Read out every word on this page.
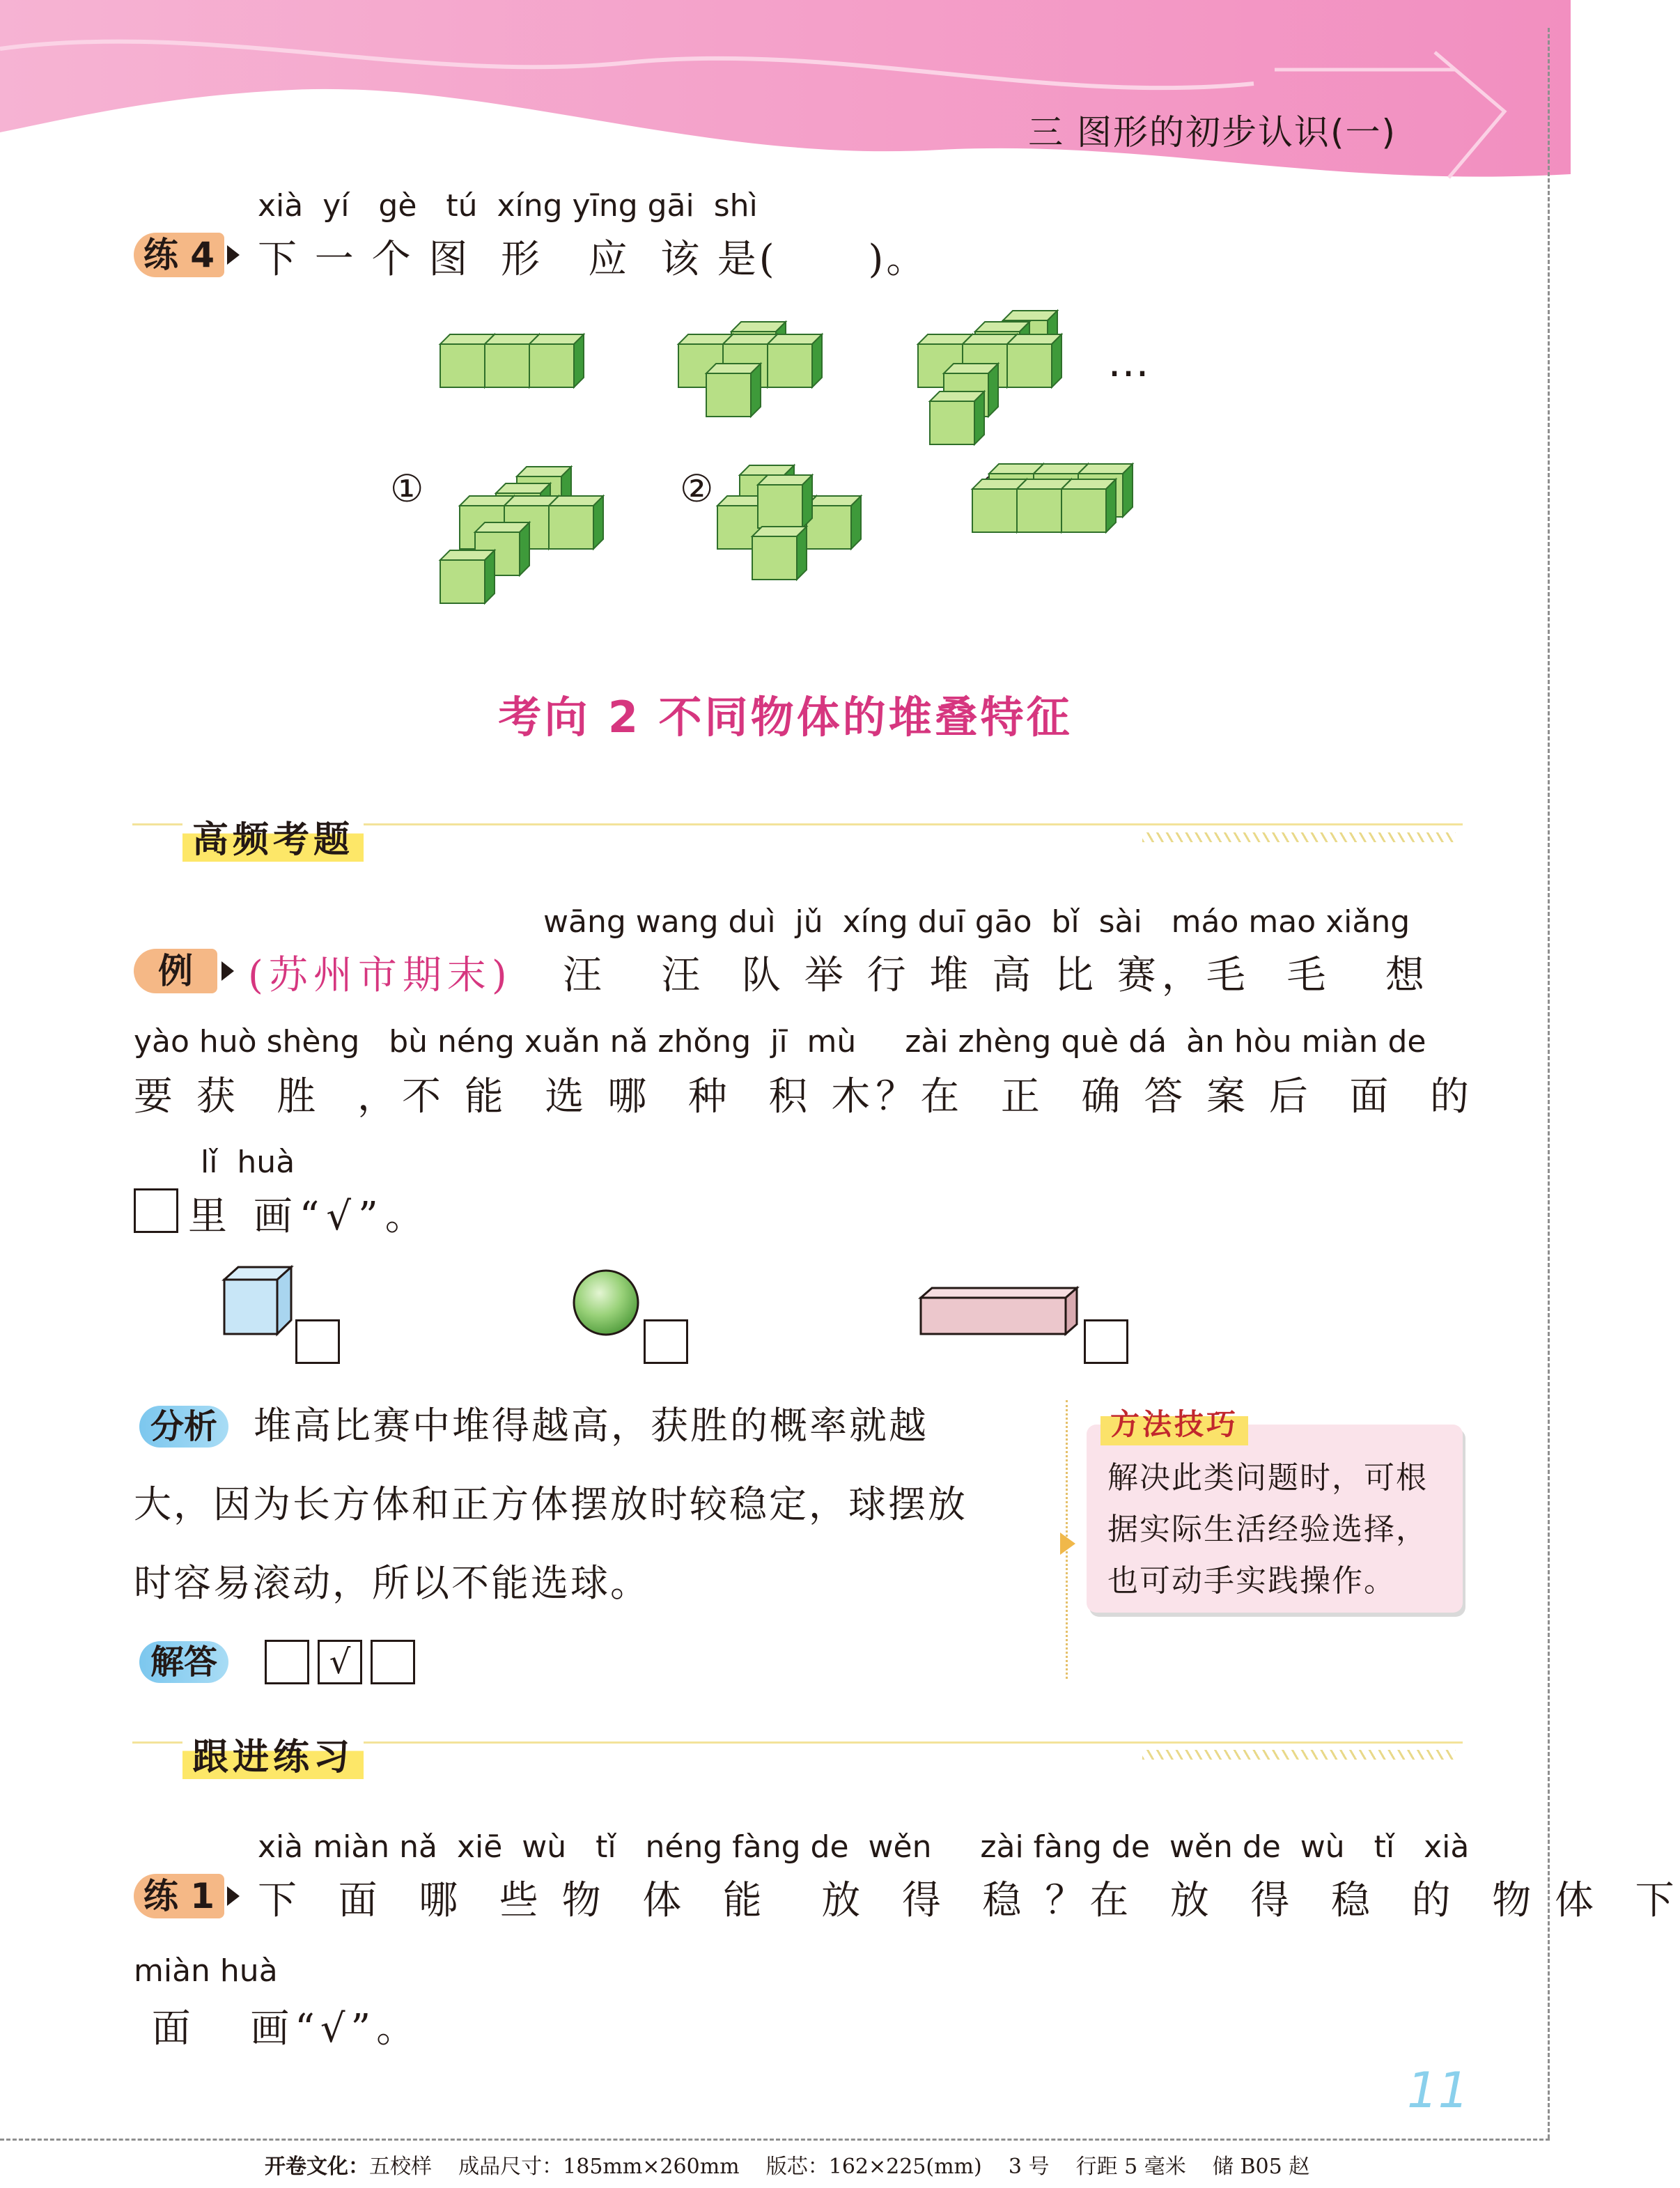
三 图形的初步认识(一)
xià  yí   gè   tú  xíng yīng gāi  shì
练 4 下 一 个 图  形   应  该 是(      )。
…
①	②
考向 2 不同物体的堆叠特征
高频考题
wāng wang duì  jǔ  xíng duī gāo  bǐ  sài   máo mao xiǎng
例	(苏州市期末) 汪   汪  队 举 行 堆 高 比 赛，毛  毛   想
yào huò shèng   bù néng xuǎn nǎ zhǒng  jī  mù     zài zhèng què dá  àn hòu miàn de
要 获  胜  ，不 能  选 哪  种  积 木？在  正  确 答 案 后  面  的
lǐ  huà
里 画“√”。
分析 堆高比赛中堆得越高，获胜的概率就越
大，因为长方体和正方体摆放时较稳定，球摆放
时容易滚动，所以不能选球。
方法技巧
解决此类问题时，可根
据实际生活经验选择，
也可动手实践操作。
解答	√
跟进练习
xià miàn nǎ  xiē  wù   tǐ   néng fàng de  wěn     zài fàng de  wěn de  wù   tǐ   xià
练 1 下  面  哪  些 物  体  能   放  得  稳 ？在  放  得  稳  的  物 体  下
miàn huà
面   画“√”。
11
开卷文化：五校样    成品尺寸：185mm×260mm    版芯：162×225(mm)    3 号    行距 5 毫米    储 B05 赵
